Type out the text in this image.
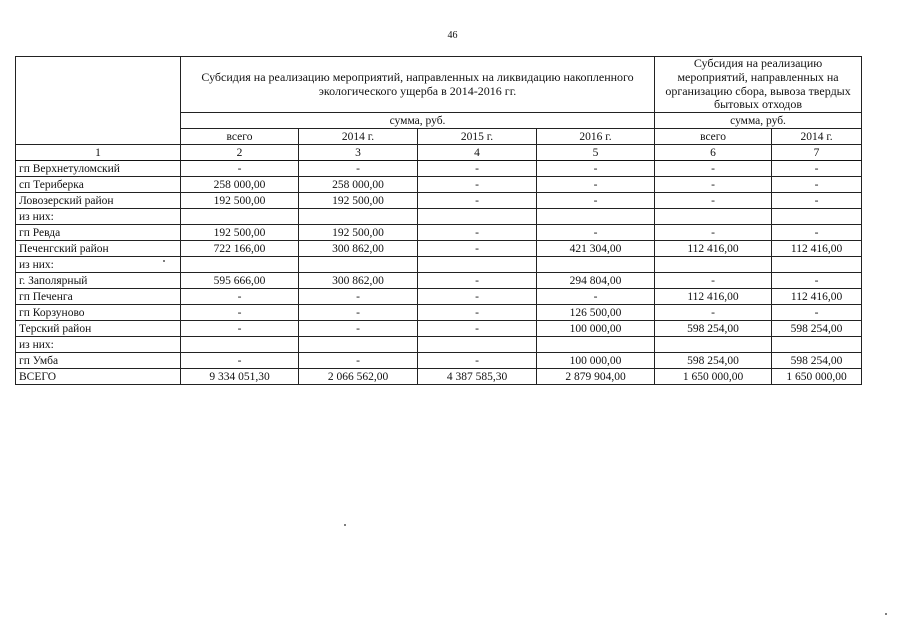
46
	Субсидия на реализацию мероприятий, направленных на ликвидацию накопленного экологического ущерба в 2014-2016 гг.				Субсидия на реализацию мероприятий, направленных на организацию сбора, вывоза твердых бытовых отходов	
	сумма, руб.				сумма, руб.	
	всего	2014 г.	2015 г.	2016 г.	всего	2014 г.
1	2	3	4	5	6	7
гп Верхнетуломский	-	-	-	-	-	-
сп Териберка	258 000,00	258 000,00	-	-	-	-
Ловозерский район	192 500,00	192 500,00	-	-	-	-
из них:						
гп Ревда	192 500,00	192 500,00	-	-	-	-
Печенгский район	722 166,00	300 862,00	-	421 304,00	112 416,00	112 416,00
из них:						
г. Заполярный	595 666,00	300 862,00	-	294 804,00	-	-
гп Печенга	-	-	-	-	112 416,00	112 416,00
гп Корзуново	-	-	-	126 500,00	-	-
Терский район	-	-	-	100 000,00	598 254,00	598 254,00
из них:						
гп Умба	-	-	-	100 000,00	598 254,00	598 254,00
ВСЕГО	9 334 051,30	2 066 562,00	4 387 585,30	2 879 904,00	1 650 000,00	1 650 000,00
